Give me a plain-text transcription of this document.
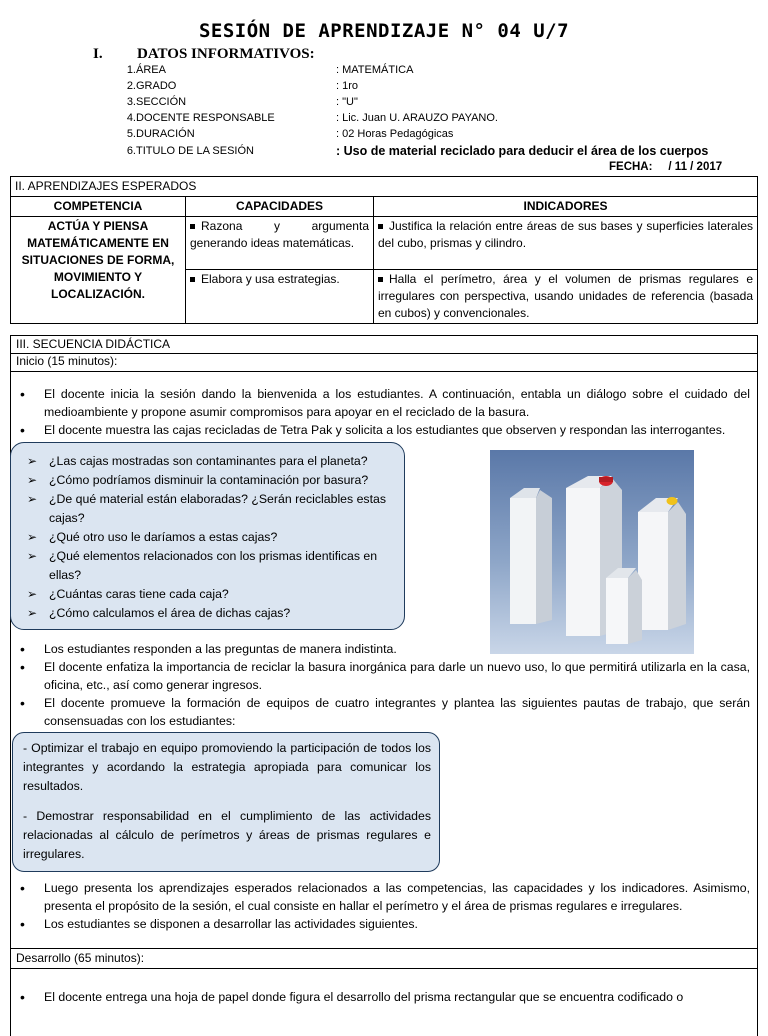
SESIÓN DE APRENDIZAJE N° 04 U/7
I. DATOS INFORMATIVOS:
1. ÁREA	: MATEMÁTICA
2. GRADO	: 1ro
3. SECCIÓN	: "U"
4. DOCENTE RESPONSABLE	: Lic. Juan U. ARAUZO PAYANO.
5. DURACIÓN	: 02 Horas Pedagógicas
6. TITULO DE LA SESIÓN	: Uso de material reciclado para deducir el área de los cuerpos
FECHA:     / 11 / 2017
II. APRENDIZAJES ESPERADOS		
COMPETENCIA	CAPACIDADES	INDICADORES
ACTÚA Y PIENSA MATEMÁTICAMENTE EN SITUACIONES DE FORMA, MOVIMIENTO Y LOCALIZACIÓN.	Razona y argumenta generando ideas matemáticas.	Justifica la relación entre áreas de sus bases y superficies laterales del cubo, prismas y cilindro.
	Elabora y usa estrategias.	Halla el perímetro, área y el volumen de prismas regulares e irregulares con perspectiva, usando unidades de referencia (basada en cubos) y convencionales.
III. SECUENCIA DIDÁCTICA
Inicio (15 minutos):
Desarrollo (65 minutos):
• El docente inicia la sesión dando la bienvenida a los estudiantes. A continuación, entabla un diálogo sobre el cuidado del medioambiente y propone asumir compromisos para apoyar en el reciclado de la basura.
• El docente muestra las cajas recicladas de Tetra Pak y solicita a los estudiantes que observen y respondan las interrogantes.
➢ ¿Las cajas mostradas son contaminantes para el planeta?
➢ ¿Cómo podríamos disminuir la contaminación por basura?
➢ ¿De qué material están elaboradas? ¿Serán reciclables estas cajas?
➢ ¿Qué otro uso le daríamos a estas cajas?
➢ ¿Qué elementos relacionados con los prismas identificas en ellas?
➢ ¿Cuántas caras tiene cada caja?
➢ ¿Cómo calculamos el área de dichas cajas?
• Los estudiantes responden a las preguntas de manera indistinta.
• El docente enfatiza la importancia de reciclar la basura inorgánica para darle un nuevo uso, lo que permitirá utilizarla en la casa, oficina, etc., así como generar ingresos.
• El docente promueve la formación de equipos de cuatro integrantes y plantea las siguientes pautas de trabajo, que serán consensuadas con los estudiantes:

- Optimizar el trabajo en equipo promoviendo la participación de todos los integrantes y acordando la estrategia apropiada para comunicar los resultados.

- Demostrar responsabilidad en el cumplimiento de las actividades relacionadas al cálculo de perímetros y áreas de prismas regulares e irregulares.

• Luego presenta los aprendizajes esperados relacionados a las competencias, las capacidades y los indicadores. Asimismo, presenta el propósito de la sesión, el cual consiste en hallar el perímetro y el área de prismas regulares e irregulares.
• Los estudiantes se disponen a desarrollar las actividades siguientes.
• El docente entrega una hoja de papel donde figura el desarrollo del prisma rectangular que se encuentra codificado o
